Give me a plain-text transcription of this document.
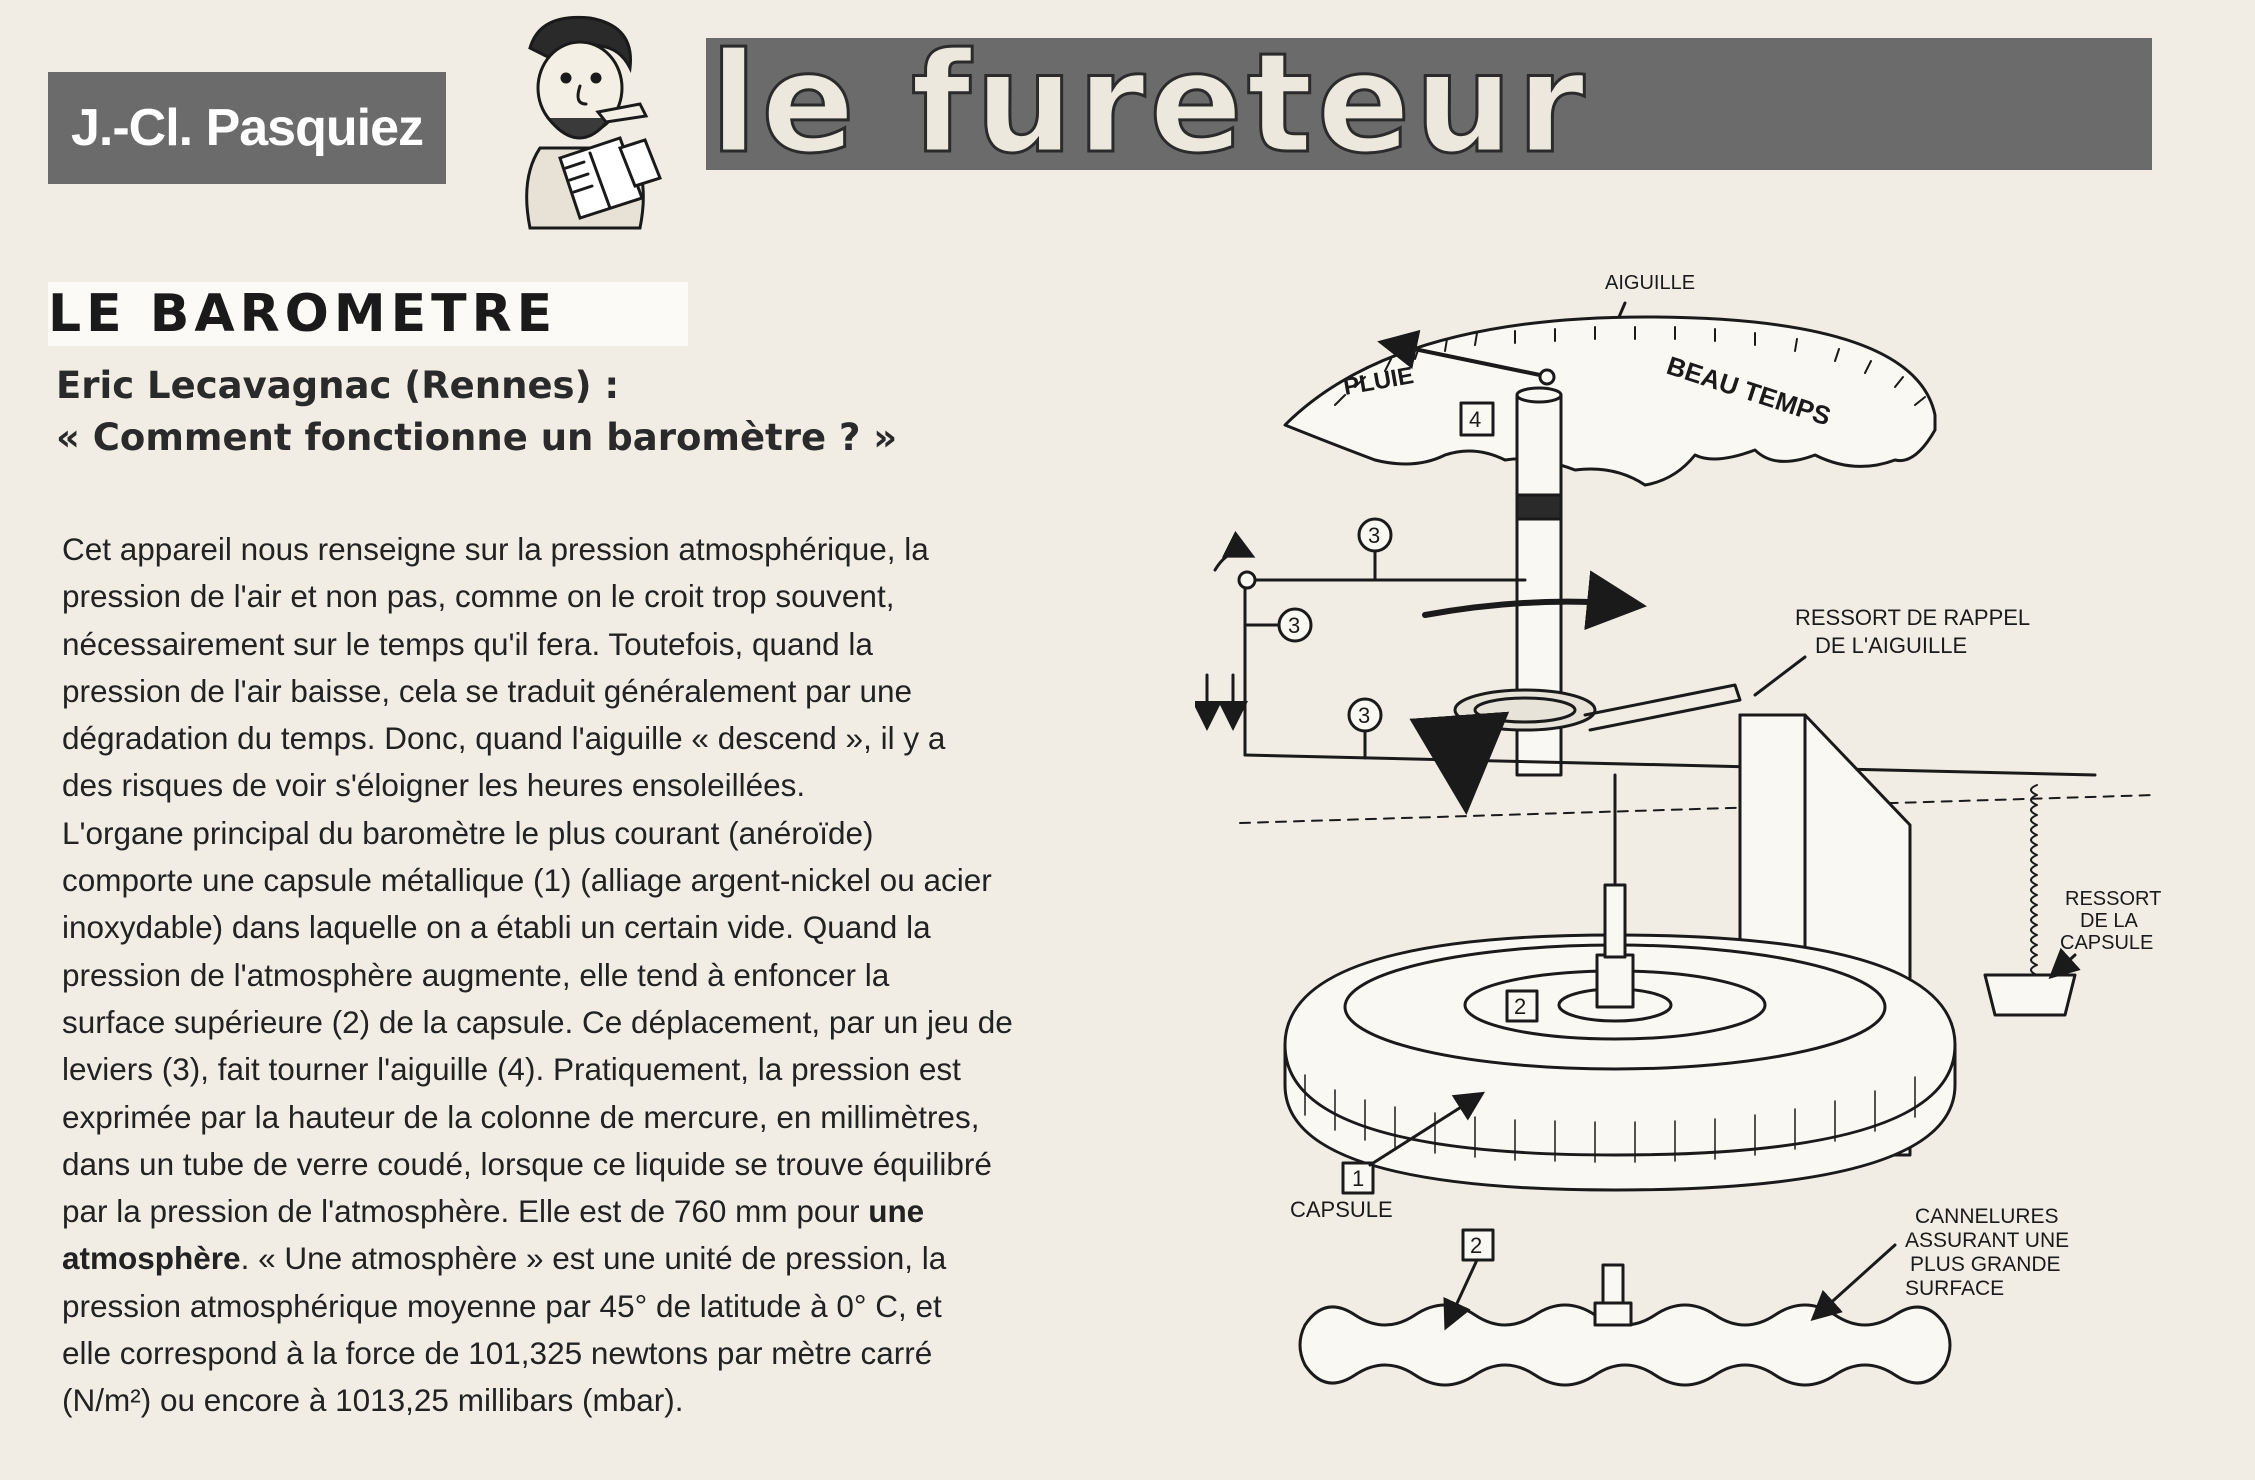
J.-Cl. Pasquiez le fureteur
LE BAROMETRE
Eric Lecavagnac (Rennes) :
« Comment fonctionne un baromètre ? »
Cet appareil nous renseigne sur la pression atmosphérique, la
pression de l'air et non pas, comme on le croit trop souvent,
nécessairement sur le temps qu'il fera. Toutefois, quand la
pression de l'air baisse, cela se traduit généralement par une
dégradation du temps. Donc, quand l'aiguille « descend », il y a
des risques de voir s'éloigner les heures ensoleillées.
L'organe principal du baromètre le plus courant (anéroïde)
comporte une capsule métallique (1) (alliage argent-nickel ou acier
inoxydable) dans laquelle on a établi un certain vide. Quand la
pression de l'atmosphère augmente, elle tend à enfoncer la
surface supérieure (2) de la capsule. Ce déplacement, par un jeu de
leviers (3), fait tourner l'aiguille (4). Pratiquement, la pression est
exprimée par la hauteur de la colonne de mercure, en millimètres,
dans un tube de verre coudé, lorsque ce liquide se trouve équilibré
par la pression de l'atmosphère. Elle est de 760 mm pour une
atmosphère. « Une atmosphère » est une unité de pression, la
pression atmosphérique moyenne par 45° de latitude à 0° C, et
elle correspond à la force de 101,325 newtons par mètre carré
(N/m²) ou encore à 1013,25 millibars (mbar).
AIGUILLE
BEAU TEMPS
PLUIE
4
RESSORT DE RAPPEL
DE L'AIGUILLE
3
3
3
RESSORT
DE LA
CAPSULE
2
1
CAPSULE
2
CANNELURES
ASSURANT UNE
PLUS GRANDE
SURFACE
